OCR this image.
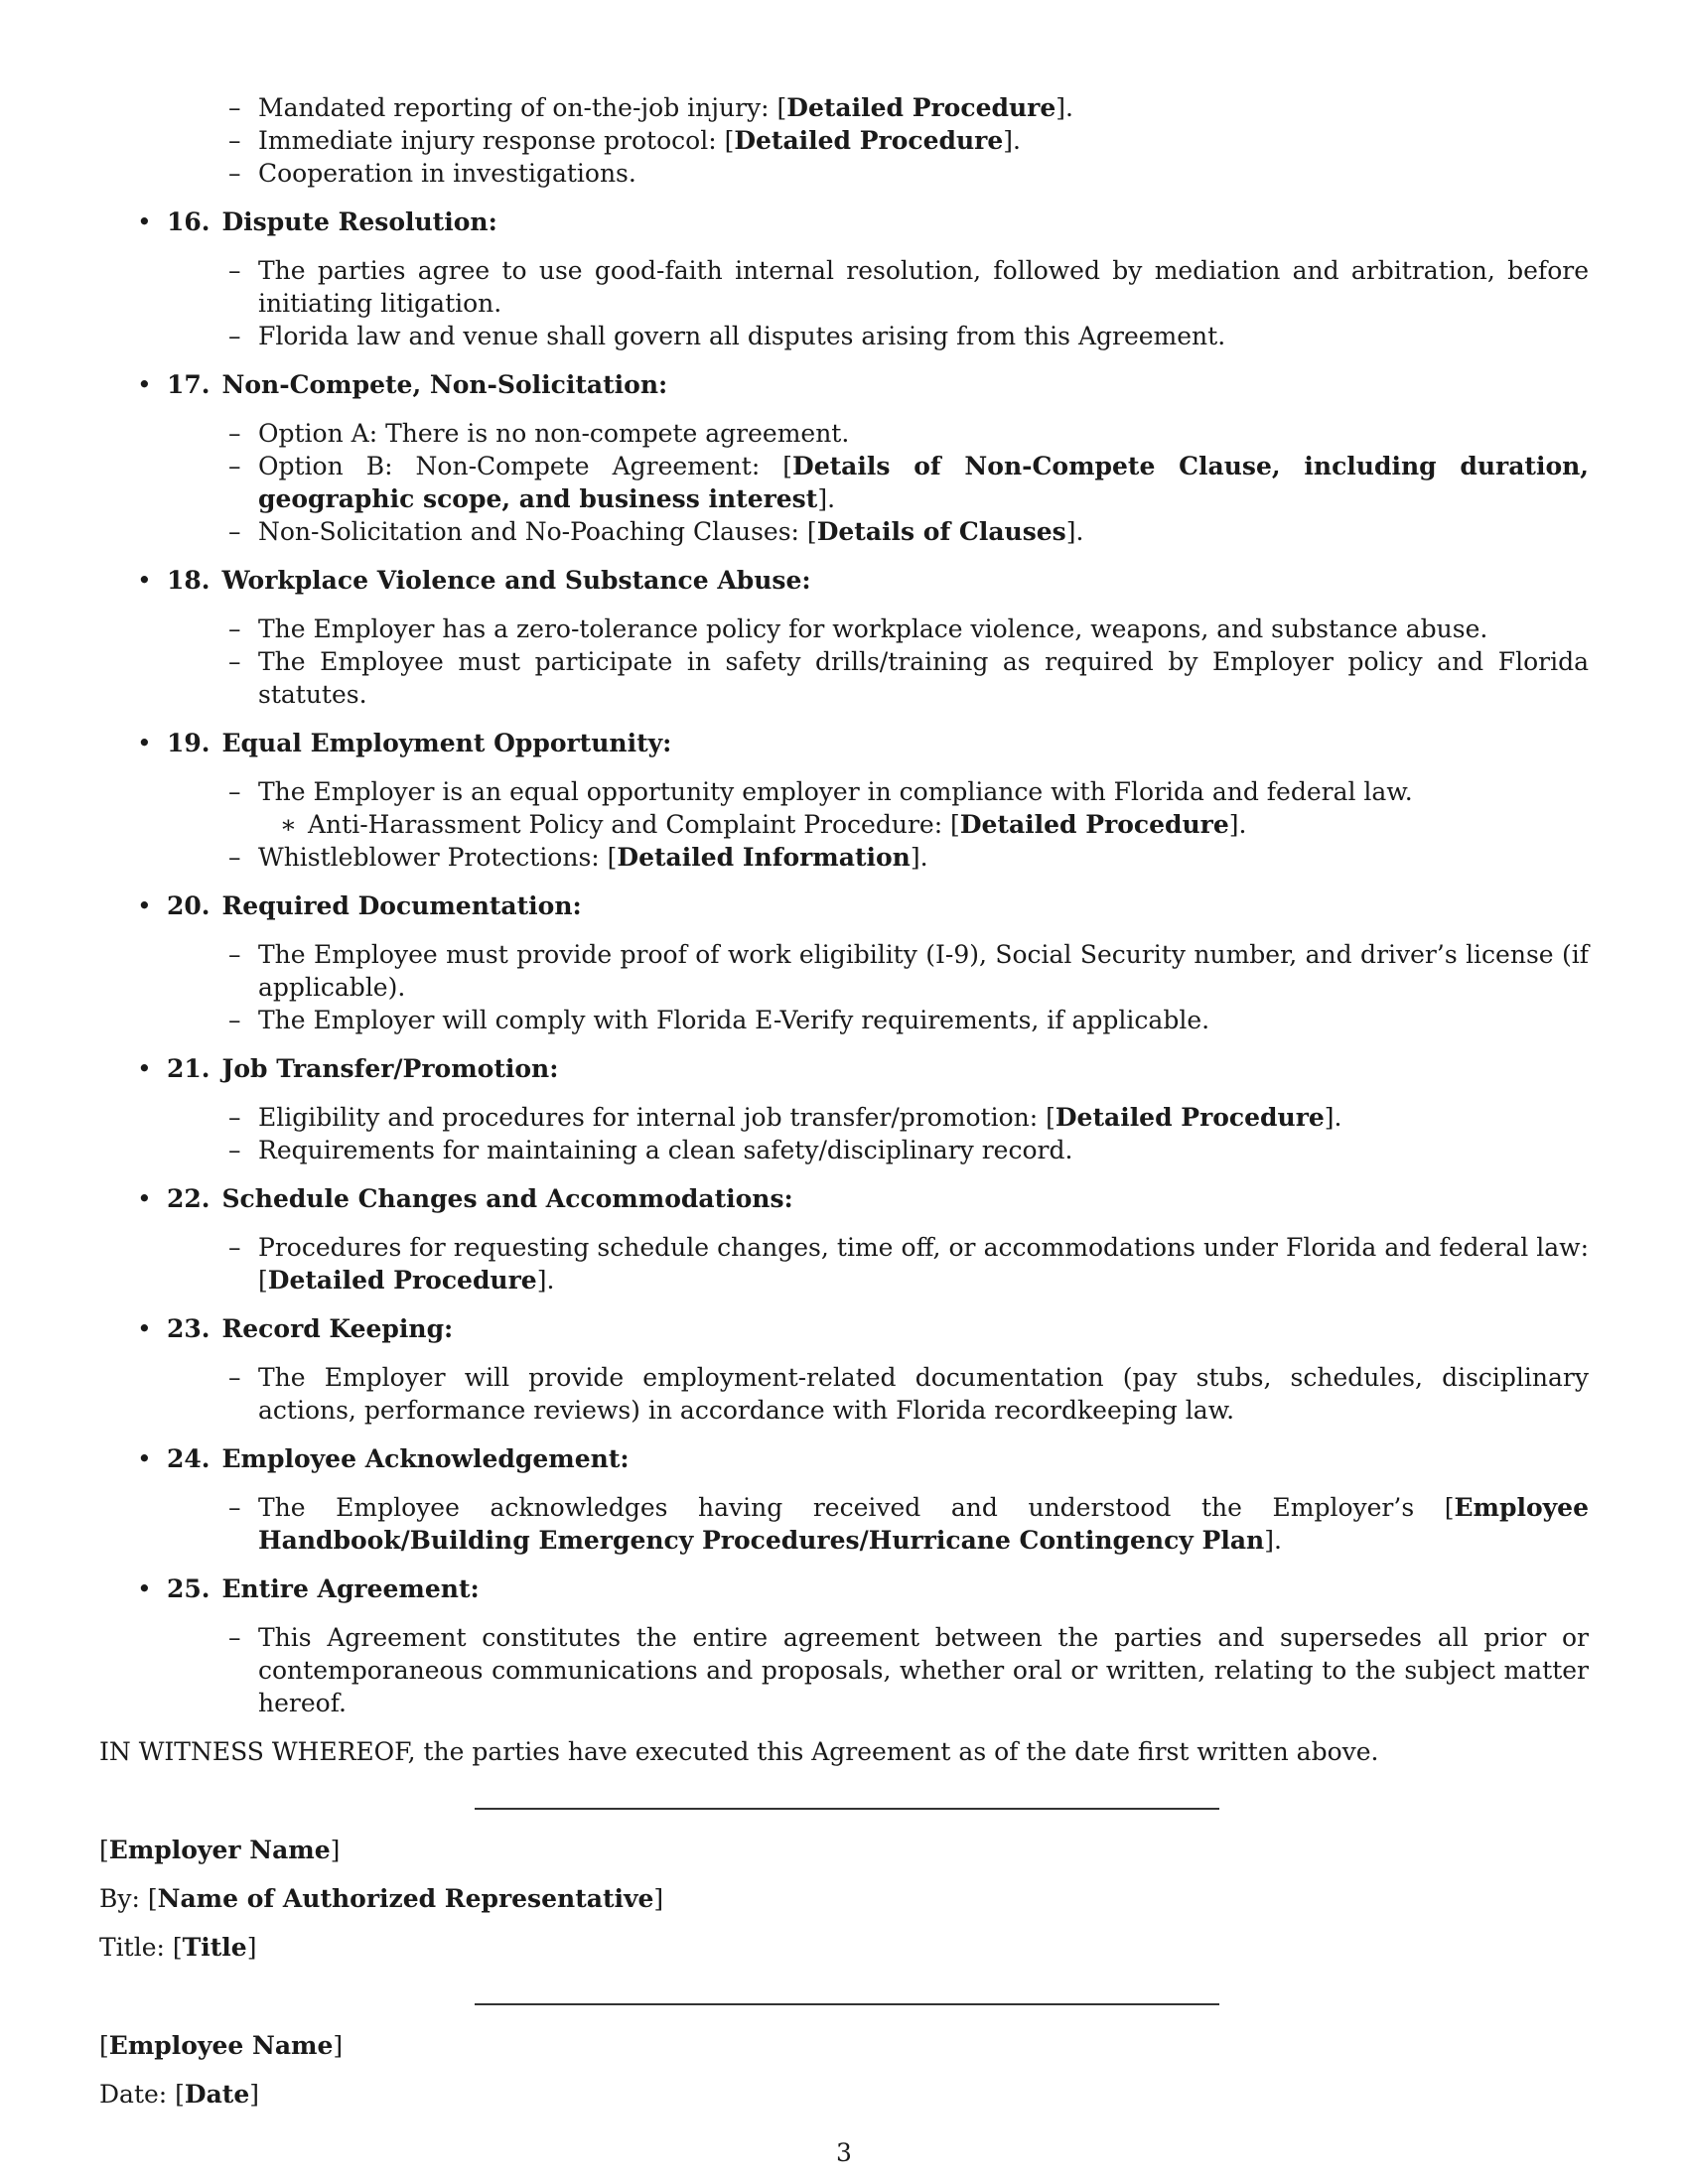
– Mandated reporting of on-the-job injury: [Detailed Procedure].
– Immediate injury response protocol: [Detailed Procedure].
– Cooperation in investigations.
• 16. Dispute Resolution:
– The parties agree to use good-faith internal resolution, followed by mediation and arbitration, before initiating litigation.
– Florida law and venue shall govern all disputes arising from this Agreement.
• 17. Non-Compete, Non-Solicitation:
– Option A: There is no non-compete agreement.
– Option B: Non-Compete Agreement: [Details of Non-Compete Clause, including duration, geographic scope, and business interest].
– Non-Solicitation and No-Poaching Clauses: [Details of Clauses].
• 18. Workplace Violence and Substance Abuse:
– The Employer has a zero-tolerance policy for workplace violence, weapons, and substance abuse.
– The Employee must participate in safety drills/training as required by Employer policy and Florida statutes.
• 19. Equal Employment Opportunity:
– The Employer is an equal opportunity employer in compliance with Florida and federal law.
∗ Anti-Harassment Policy and Complaint Procedure: [Detailed Procedure].
– Whistleblower Protections: [Detailed Information].
• 20. Required Documentation:
– The Employee must provide proof of work eligibility (I-9), Social Security number, and driver’s license (if applicable).
– The Employer will comply with Florida E-Verify requirements, if applicable.
• 21. Job Transfer/Promotion:
– Eligibility and procedures for internal job transfer/promotion: [Detailed Procedure].
– Requirements for maintaining a clean safety/disciplinary record.
• 22. Schedule Changes and Accommodations:
– Procedures for requesting schedule changes, time off, or accommodations under Florida and federal law: [Detailed Procedure].
• 23. Record Keeping:
– The Employer will provide employment-related documentation (pay stubs, schedules, disciplinary actions, performance reviews) in accordance with Florida recordkeeping law.
• 24. Employee Acknowledgement:
– The Employee acknowledges having received and understood the Employer’s [Employee Handbook/Building Emergency Procedures/Hurricane Contingency Plan].
• 25. Entire Agreement:
– This Agreement constitutes the entire agreement between the parties and supersedes all prior or contemporaneous communications and proposals, whether oral or written, relating to the subject matter hereof.
IN WITNESS WHEREOF, the parties have executed this Agreement as of the date first written above.

[Employer Name]

By: [Name of Authorized Representative]

Title: [Title]

[Employee Name]

Date: [Date]

3
